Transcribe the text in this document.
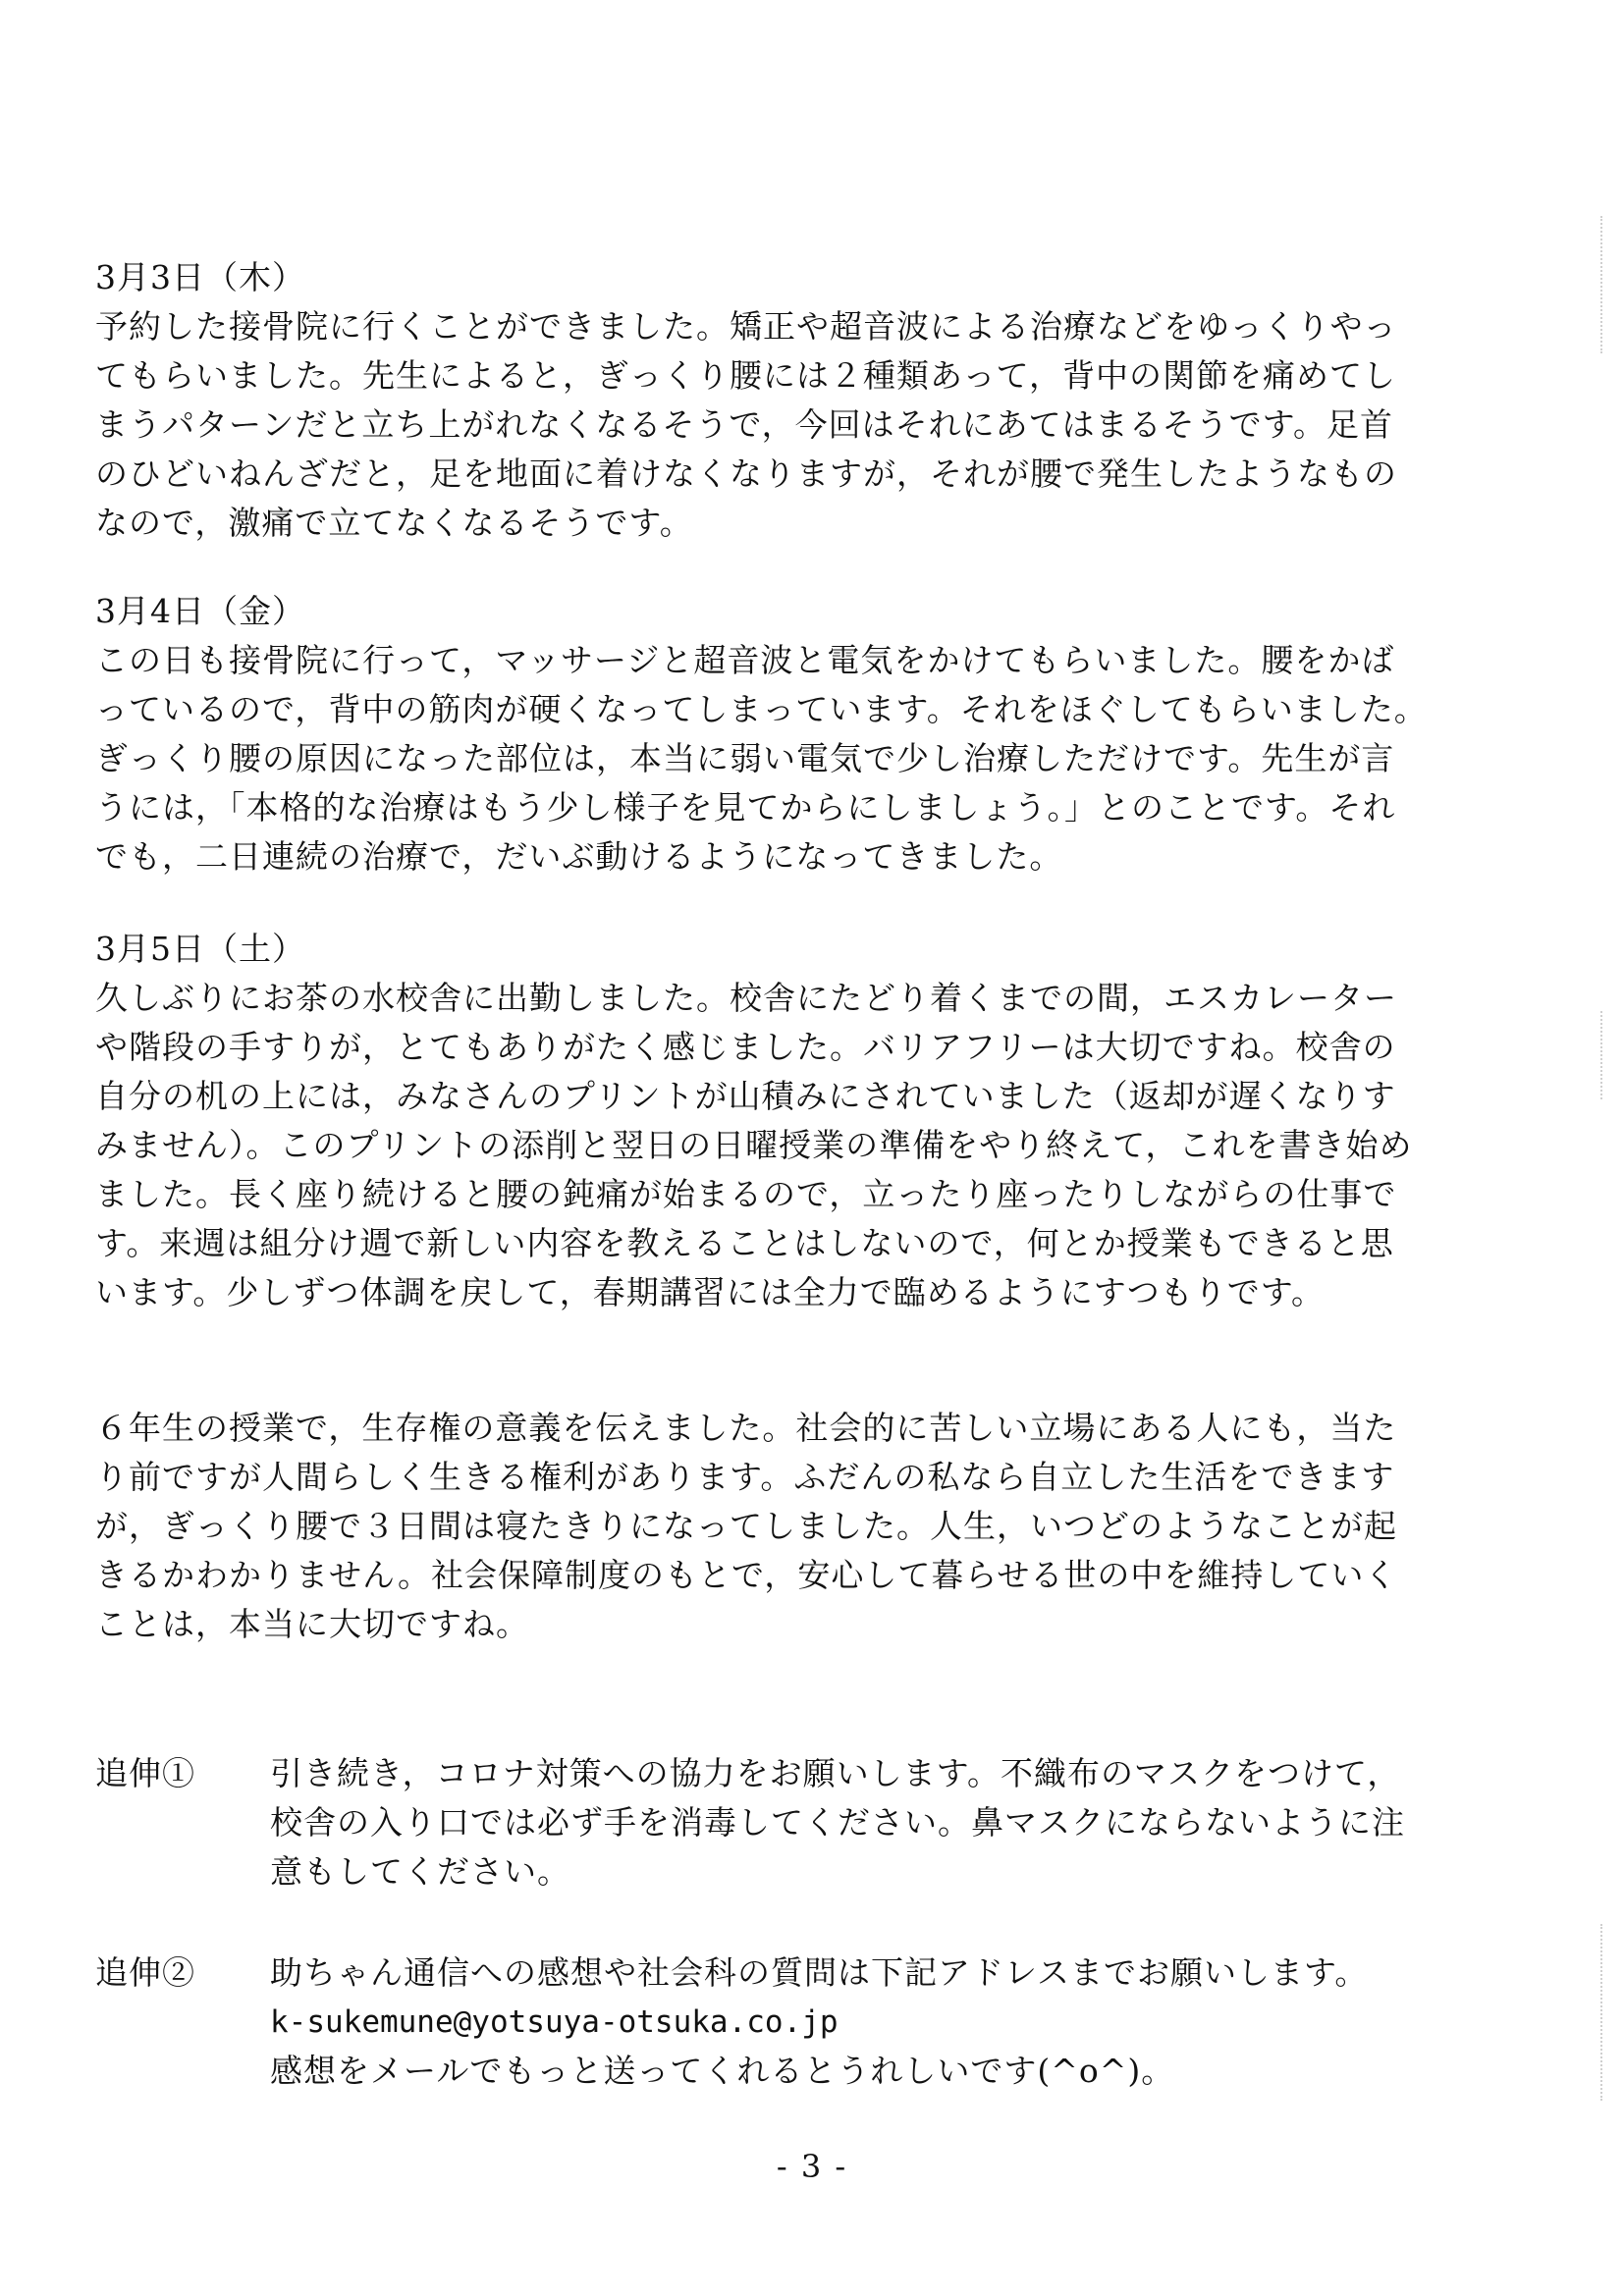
3月3日（木）
予約した接骨院に行くことができました。矯正や超音波による治療などをゆっくりやっ
てもらいました。先生によると，ぎっくり腰には２種類あって，背中の関節を痛めてし
まうパターンだと立ち上がれなくなるそうで，今回はそれにあてはまるそうです。足首
のひどいねんざだと，足を地面に着けなくなりますが，それが腰で発生したようなもの
なので，激痛で立てなくなるそうです。
3月4日（金）
この日も接骨院に行って，マッサージと超音波と電気をかけてもらいました。腰をかば
っているので，背中の筋肉が硬くなってしまっています。それをほぐしてもらいました。
ぎっくり腰の原因になった部位は，本当に弱い電気で少し治療しただけです。先生が言
うには，「本格的な治療はもう少し様子を見てからにしましょう。」とのことです。それ
でも，二日連続の治療で，だいぶ動けるようになってきました。
3月5日（土）
久しぶりにお茶の水校舎に出勤しました。校舎にたどり着くまでの間，エスカレーター
や階段の手すりが，とてもありがたく感じました。バリアフリーは大切ですね。校舎の
自分の机の上には，みなさんのプリントが山積みにされていました（返却が遅くなりす
みません）。このプリントの添削と翌日の日曜授業の準備をやり終えて，これを書き始め
ました。長く座り続けると腰の鈍痛が始まるので，立ったり座ったりしながらの仕事で
す。来週は組分け週で新しい内容を教えることはしないので，何とか授業もできると思
います。少しずつ体調を戻して，春期講習には全力で臨めるようにすつもりです。
６年生の授業で，生存権の意義を伝えました。社会的に苦しい立場にある人にも，当た
り前ですが人間らしく生きる権利があります。ふだんの私なら自立した生活をできます
が，ぎっくり腰で３日間は寝たきりになってしました。人生，いつどのようなことが起
きるかわかりません。社会保障制度のもとで，安心して暮らせる世の中を維持していく
ことは，本当に大切ですね。
追伸① 引き続き，コロナ対策への協力をお願いします。不織布のマスクをつけて，
校舎の入り口では必ず手を消毒してください。鼻マスクにならないように注
意もしてください。
追伸② 助ちゃん通信への感想や社会科の質問は下記アドレスまでお願いします。
k-sukemune@yotsuya-otsuka.co.jp
感想をメールでもっと送ってくれるとうれしいです(^o^)。
- 3 -
